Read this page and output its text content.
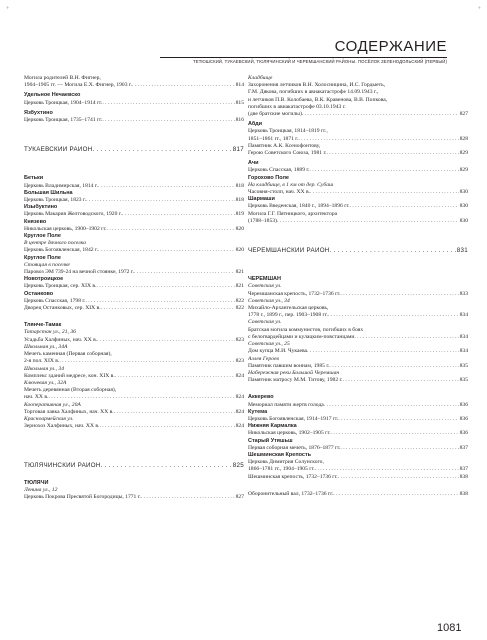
+	+
СОДЕРЖАНИЕ
ТЕТЮШСКИЙ, ТУКАЕВСКИЙ, ТЮЛЯЧИНСКИЙ И ЧЕРЕМШАНСКИЙ РАЙОНЫ. ПОСЁЛОК ЗЕЛЕНОДОЛЬСКИЙ (ПЕРВЫЙ)
Могила родителей В.Н. Фигнер,
1904–1905 гг. — Могила Е.Х. Фигнер, 1903 г. . . .	814
Удельное Нечаевско
Церковь Троицкая, 1904–1914 гг. . . .	815
Язбухтино
Церковь Троицкая, 1735–1741 гг. . . .	816
ТУКАЕВСКИЙ РАЙОН . . .	817
Бетьки
Церковь Владимирская, 1814 г. . . .	818
Большая Шильна
Церковь Троицкая, 1823 г. . . .	818
Изыбуктино
Церковь Макария Желтоводского, 1920 г. . . .	819
Князево
Никольская церковь, 1900–1902 гг. . . .	820
Круглое Поле
В центре дачного поселка
Церковь Богоявленская, 1842 г. . . .	820
Круглое Поле
Стоящая в поселке
Паровоз ЭМ 739-24 на вечной стоянке, 1972 г. . . .	821
Новотроицкое
Церковь Троицкая, сер. XIX в. . . .	821
Останково
Церковь Спасская, 1798 г. . . .	822
Дворец Останковых, сер. XIX в. . . .	822
Тлянче-Тамак
Татарстан ул., 21, 36
Усадьба Халфиных, нач. XX в. . . .	823
Школьная ул., 34А
Мечеть каменная (Первая соборная),
2-я пол. XIX в. . . .	823
Школьная ул., 34
Комплекс зданий медресе, кон. XIX в. . . .	824
Ключевая ул., 32А
Мечеть деревянная (Вторая соборная),
нач. XX в. . . .	824
Кооперативная ул., 20А
Торговая лавка Халфиных, нач. XX в. . . .	824
Красноармейская ул.
Зернохоз Халфиных, нач. XX в. . . .	824
ТЮЛЯЧИНСКИЙ РАЙОН . . .	825
ТЮЛЯЧИ
Ленина ул., 12
Церковь Покрова Пресвятой Богородицы, 1771 г. . . .	827
Кладбище
Захоронения летчиков В.Н. Холосницина, И.С. Гордыеть,
Г.М. Дякова, погибших в авиакатастрофе 14.09.1943 г.,
и летчиков П.В. Колобаева, В.К. Кравенова, В.В. Попкова,
погибших в авиакатастрофе 03.10.1943 г.
(две братские могилы) . . .	827
Абди
Церковь Троицкая, 1814–1819 гг.,
1851–1861 гг., 1871 г. . . .	828
Памятник А.К. Ксенофонтову,
Герою Советского Союза, 1981 г. . . .	829
Ачи
Церковь Спасская, 1889 г. . . .	829
Горохово Поле
На кладбище, в 1 км от дер. Субаш
Часовня-столп, нач. XX в. . . .	830
Шармаши
Церковь Введенская, 1840 г., 1894–1896 гг. . . .	830
Могила Г.Г. Пятницкого, архитектора
(1788–1853) . . .	830
ЧЕРЕМШАНСКИЙ РАЙОН . . .	831
ЧЕРЕМШАН
Советская ул.
Черемшанская крепость, 1732–1736 гг. . . .	833
Советская ул., 34
Михайло-Архангельская церковь,
1778 г., 1899 г., пер. 1903–1908 гг. . . .	834
Советская ул.
Братская могила коммунистов, погибших в боях
с белогвардейцами и кулацким-повстанцами . . .	834
Советская ул., 25
Дом купца М.И. Чукаева . . .	834
Аллея Героев
Памятник павшим воинам, 1985 г. . . .	835
Набережная реки Большой Черемшан
Памятник матросу М.М. Титову, 1982 г. . . .	835
Аккерево
Мемориал памяти жертв голода . . .	836
Кутема
Церковь Богоявленская, 1914–1917 гг. . . .	836
Нижняя Кармалка
Никольская церковь, 1902–1905 гг. . . .	836
Старый Утяшьш
Первая соборная мечеть, 1876–1877 гг. . . .	837
Шешминская Крепость
Церковь Димитрия Солунского,
1866–1781 гг., 1904–1905 гг. . . .	837
Шешминская крепость, 1732–1736 гг. . . .	838
Оборонительный вал, 1732–1736 гг. . . .	838
1081
